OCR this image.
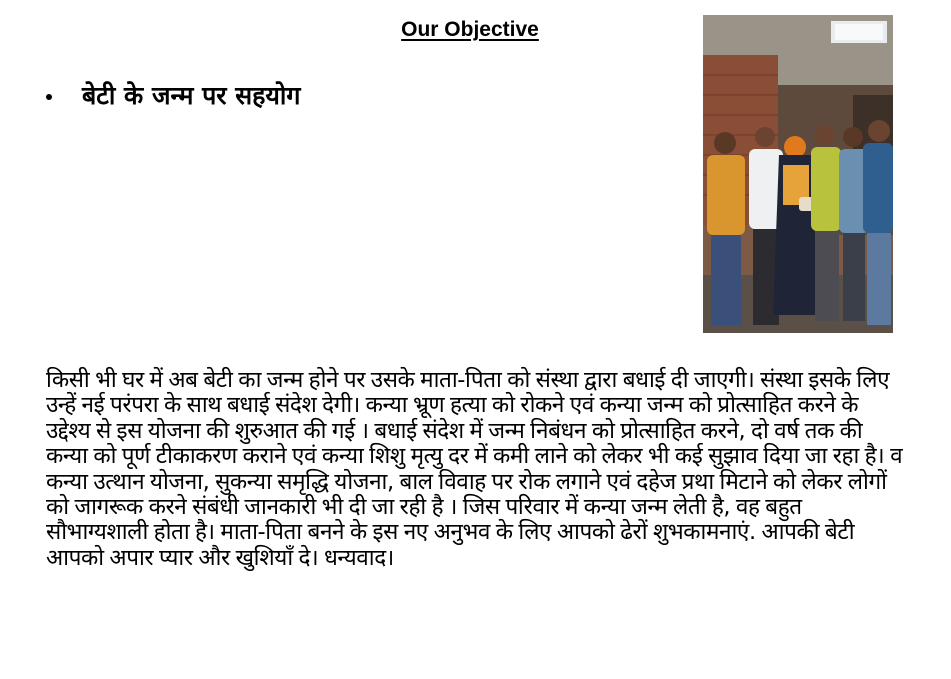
Our Objective
बेटी के जन्म पर सहयोग
किसी भी घर में अब बेटी का जन्म होने पर उसके माता-पिता को संस्था द्वारा बधाई दी जाएगी। संस्था इसके लिए उन्हें नई परंपरा के साथ बधाई संदेश देगी। कन्या भ्रूण हत्या को रोकने एवं कन्या जन्म को प्रोत्साहित करने के उद्देश्य से इस योजना की शुरुआत की गई । बधाई संदेश में जन्म निबंधन को प्रोत्साहित करने, दो वर्ष तक की कन्या को पूर्ण टीकाकरण कराने एवं कन्या शिशु मृत्यु दर में कमी लाने को लेकर भी कई सुझाव दिया जा रहा है। व कन्या उत्थान योजना, सुकन्या समृद्धि योजना, बाल विवाह पर रोक लगाने एवं दहेज प्रथा मिटाने को लेकर लोगों को जागरूक करने संबंधी जानकारी भी दी जा रही है । जिस परिवार में कन्या जन्म लेती है, वह बहुत सौभाग्यशाली होता है। माता-पिता बनने के इस नए अनुभव के लिए आपको ढेरों शुभकामनाएं. आपकी बेटी आपको अपार प्यार और खुशियाँ दे। धन्यवाद।
